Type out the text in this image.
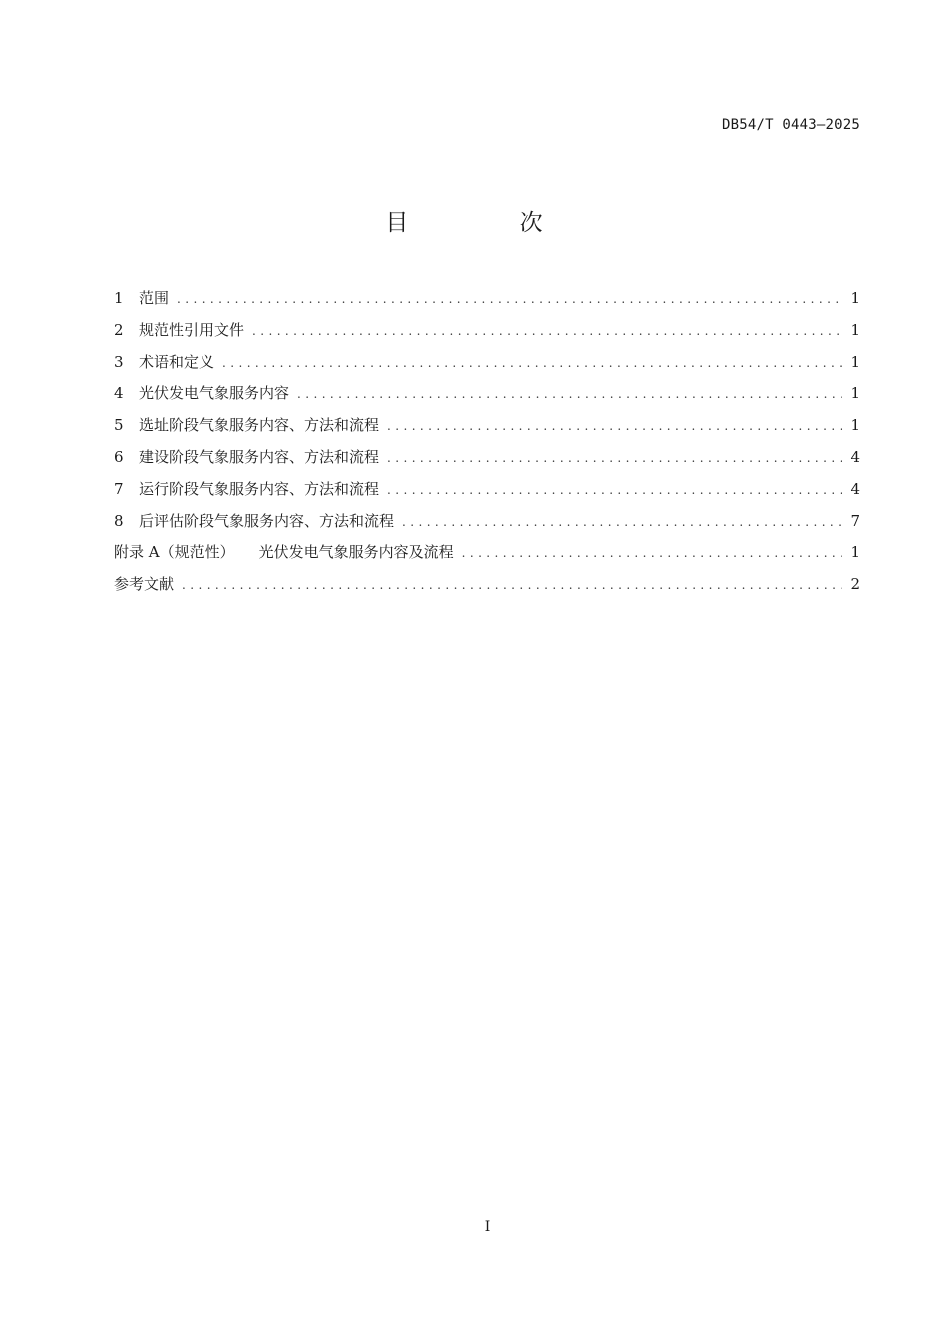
DB54/T 0443—2025
目 次
1	范围 . . .	1
2	规范性引用文件 . . .	1
3	术语和定义 . . .	1
4	光伏发电气象服务内容 . . .	1
5	选址阶段气象服务内容、方法和流程 . . .	1
6	建设阶段气象服务内容、方法和流程 . . .	4
7	运行阶段气象服务内容、方法和流程 . . .	4
8	后评估阶段气象服务内容、方法和流程 . . .	7
附录 A（规范性） 光伏发电气象服务内容及流程 . . .	1
参考文献 . . .	2
I
